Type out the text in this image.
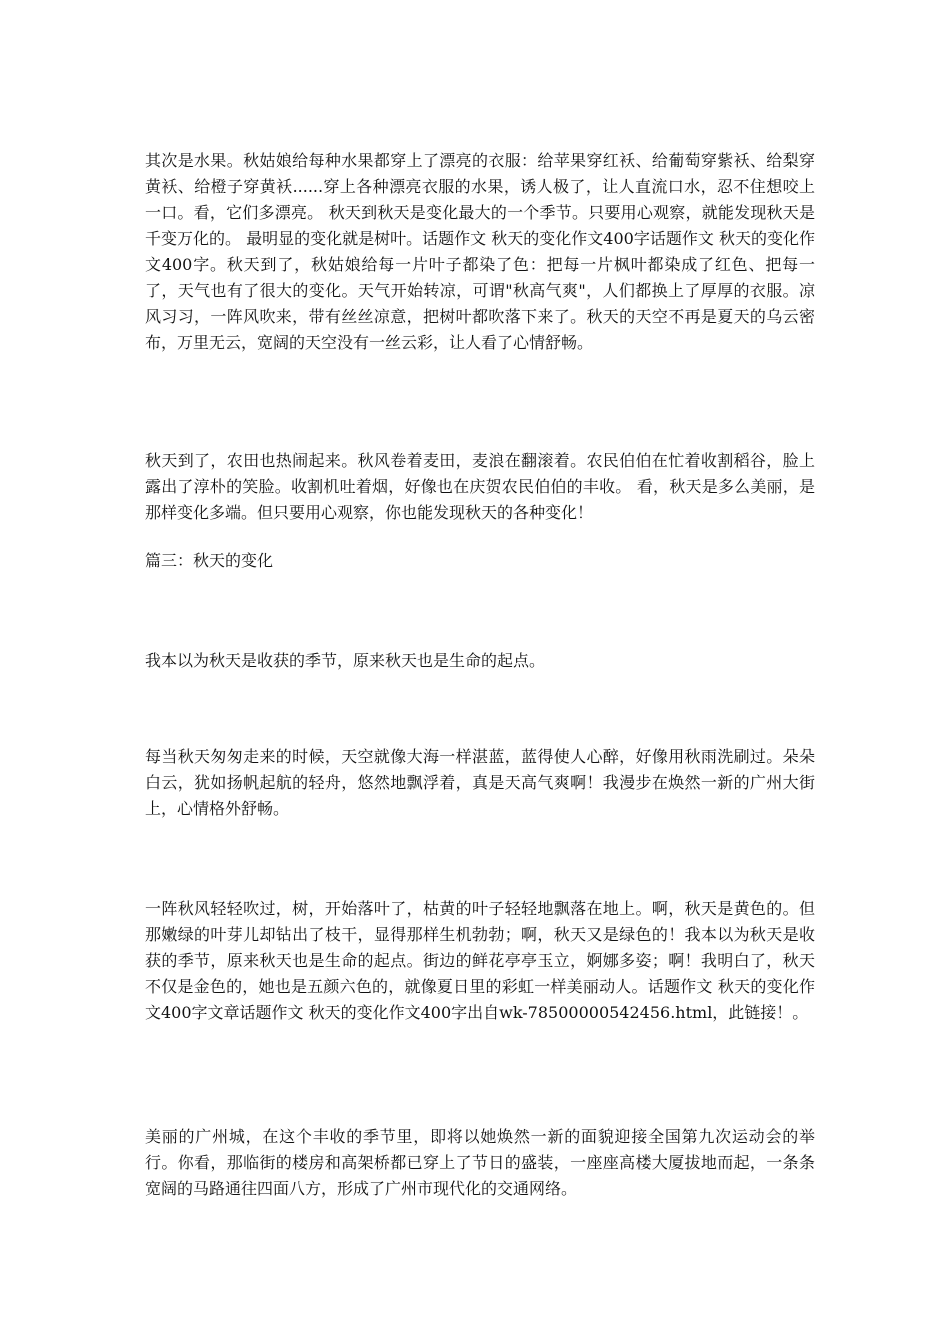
其次是水果。秋姑娘给每种水果都穿上了漂亮的衣服：给苹果穿红袄、给葡萄穿紫袄、给梨穿黄袄、给橙子穿黄袄......穿上各种漂亮衣服的水果，诱人极了，让人直流口水，忍不住想咬上一口。看，它们多漂亮。 秋天到秋天是变化最大的一个季节。只要用心观察，就能发现秋天是千变万化的。 最明显的变化就是树叶。话题作文 秋天的变化作文400字话题作文 秋天的变化作文400字。秋天到了，秋姑娘给每一片叶子都染了色：把每一片枫叶都染成了红色、把每一了，天气也有了很大的变化。天气开始转凉，可谓"秋高气爽"，人们都换上了厚厚的衣服。凉风习习，一阵风吹来，带有丝丝凉意，把树叶都吹落下来了。秋天的天空不再是夏天的乌云密布，万里无云，宽阔的天空没有一丝云彩，让人看了心情舒畅。

秋天到了，农田也热闹起来。秋风卷着麦田，麦浪在翻滚着。农民伯伯在忙着收割稻谷，脸上露出了淳朴的笑脸。收割机吐着烟，好像也在庆贺农民伯伯的丰收。 看，秋天是多么美丽，是那样变化多端。但只要用心观察，你也能发现秋天的各种变化！

篇三：秋天的变化

我本以为秋天是收获的季节，原来秋天也是生命的起点。

每当秋天匆匆走来的时候，天空就像大海一样湛蓝，蓝得使人心醉，好像用秋雨洗刷过。朵朵白云，犹如扬帆起航的轻舟，悠然地飘浮着，真是天高气爽啊！我漫步在焕然一新的广州大街上，心情格外舒畅。

一阵秋风轻轻吹过，树，开始落叶了，枯黄的叶子轻轻地飘落在地上。啊，秋天是黄色的。但那嫩绿的叶芽儿却钻出了枝干，显得那样生机勃勃；啊，秋天又是绿色的！我本以为秋天是收获的季节，原来秋天也是生命的起点。街边的鲜花亭亭玉立，婀娜多姿；啊！我明白了，秋天不仅是金色的，她也是五颜六色的，就像夏日里的彩虹一样美丽动人。话题作文 秋天的变化作文400字文章话题作文 秋天的变化作文400字出自wk-78500000542456.html，此链接！。

美丽的广州城，在这个丰收的季节里，即将以她焕然一新的面貌迎接全国第九次运动会的举行。你看，那临街的楼房和高架桥都已穿上了节日的盛装，一座座高楼大厦拔地而起，一条条宽阔的马路通往四面八方，形成了广州市现代化的交通网络。
